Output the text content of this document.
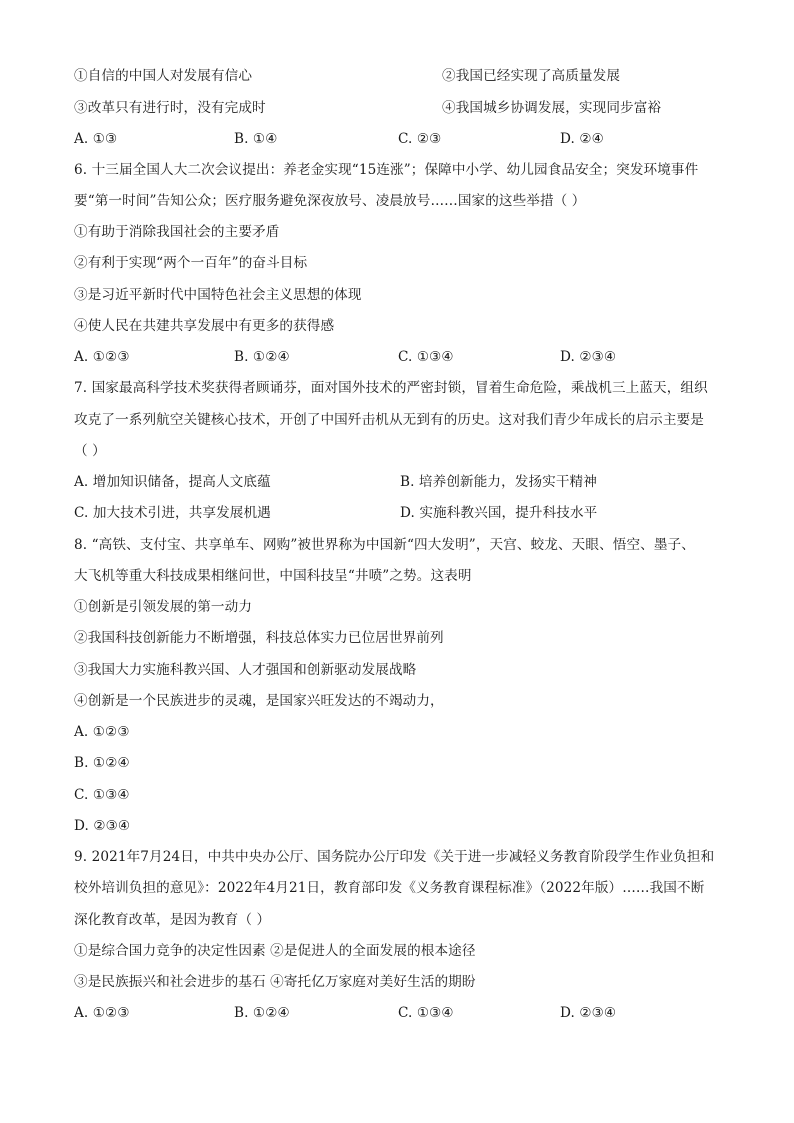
①自信的中国人对发展有信心	②我国已经实现了高质量发展
③改革只有进行时，没有完成时	④我国城乡协调发展，实现同步富裕
A. ①③	B. ①④	C. ②③	D. ②④
6. 十三届全国人大二次会议提出：养老金实现“15连涨”；保障中小学、幼儿园食品安全；突发环境事件
要“第一时间”告知公众；医疗服务避免深夜放号、凌晨放号……国家的这些举措（ ）
①有助于消除我国社会的主要矛盾
②有利于实现“两个一百年”的奋斗目标
③是习近平新时代中国特色社会主义思想的体现
④使人民在共建共享发展中有更多的获得感
A. ①②③	B. ①②④	C. ①③④	D. ②③④
7. 国家最高科学技术奖获得者顾诵芬，面对国外技术的严密封锁，冒着生命危险，乘战机三上蓝天，组织
攻克了一系列航空关键核心技术，开创了中国歼击机从无到有的历史。这对我们青少年成长的启示主要是
（ ）
A. 增加知识储备，提高人文底蕴	B. 培养创新能力，发扬实干精神
C. 加大技术引进，共享发展机遇	D. 实施科教兴国，提升科技水平
8. “高铁、支付宝、共享单车、网购”被世界称为中国新“四大发明”，天宫、蛟龙、天眼、悟空、墨子、
大飞机等重大科技成果相继问世，中国科技呈“井喷”之势。这表明
①创新是引领发展的第一动力
②我国科技创新能力不断增强，科技总体实力已位居世界前列
③我国大力实施科教兴国、人才强国和创新驱动发展战略
④创新是一个民族进步的灵魂，是国家兴旺发达的不竭动力，
A. ①②③
B. ①②④
C. ①③④
D. ②③④
9. 2021年7月24日，中共中央办公厅、国务院办公厅印发《关于进一步减轻义务教育阶段学生作业负担和
校外培训负担的意见》：2022年4月21日，教育部印发《义务教育课程标准》（2022年版）……我国不断
深化教育改革，是因为教育（ ）
①是综合国力竞争的决定性因素 ②是促进人的全面发展的根本途径
③是民族振兴和社会进步的基石 ④寄托亿万家庭对美好生活的期盼
A. ①②③	B. ①②④	C. ①③④	D. ②③④
